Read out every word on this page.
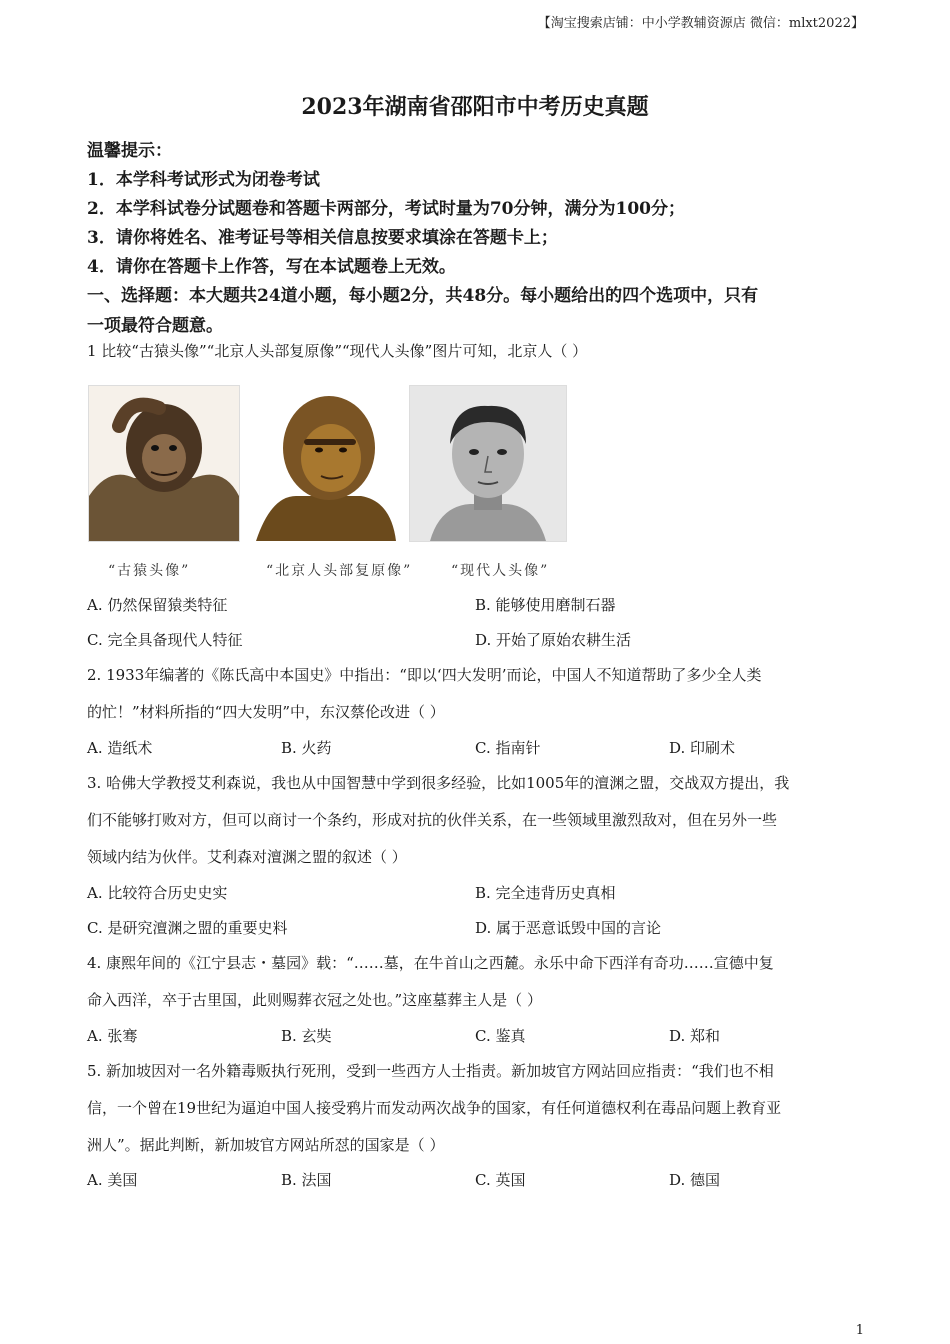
【淘宝搜索店铺：中小学教辅资源店 微信：mlxt2022】
2023年湖南省邵阳市中考历史真题
温馨提示：
1．本学科考试形式为闭卷考试
2．本学科试卷分试题卷和答题卡两部分，考试时量为70分钟，满分为100分；
3．请你将姓名、准考证号等相关信息按要求填涂在答题卡上；
4．请你在答题卡上作答，写在本试题卷上无效。
一、选择题：本大题共24道小题，每小题2分，共48分。每小题给出的四个选项中，只有
一项最符合题意。
1 比较“古猿头像”“北京人头部复原像”“现代人头像”图片可知，北京人（ ）
“古猿头像”	“北京人头部复原像”	“现代人头像”
A. 仍然保留猿类特征	B. 能够使用磨制石器
C. 完全具备现代人特征	D. 开始了原始农耕生活
2. 1933年编著的《陈氏高中本国史》中指出：“即以‘四大发明’而论，中国人不知道帮助了多少全人类
的忙！”材料所指的“四大发明”中，东汉蔡伦改进（ ）
A. 造纸术	B. 火药	C. 指南针	D. 印刷术
3. 哈佛大学教授艾利森说，我也从中国智慧中学到很多经验，比如1005年的澶渊之盟，交战双方提出，我
们不能够打败对方，但可以商讨一个条约，形成对抗的伙伴关系，在一些领域里激烈敌对，但在另外一些
领域内结为伙伴。艾利森对澶渊之盟的叙述（ ）
A. 比较符合历史史实	B. 完全违背历史真相
C. 是研究澶渊之盟的重要史料	D. 属于恶意诋毁中国的言论
4. 康熙年间的《江宁县志・墓园》载：“……墓，在牛首山之西麓。永乐中命下西洋有奇功……宣德中复
命入西洋，卒于古里国，此则赐葬衣冠之处也。”这座墓葬主人是（ ）
A. 张骞	B. 玄奘	C. 鉴真	D. 郑和
5. 新加坡因对一名外籍毒贩执行死刑，受到一些西方人士指责。新加坡官方网站回应指责：“我们也不相
信，一个曾在19世纪为逼迫中国人接受鸦片而发动两次战争的国家，有任何道德权利在毒品问题上教育亚
洲人”。据此判断，新加坡官方网站所怼的国家是（ ）
A. 美国	B. 法国	C. 英国	D. 德国
1
